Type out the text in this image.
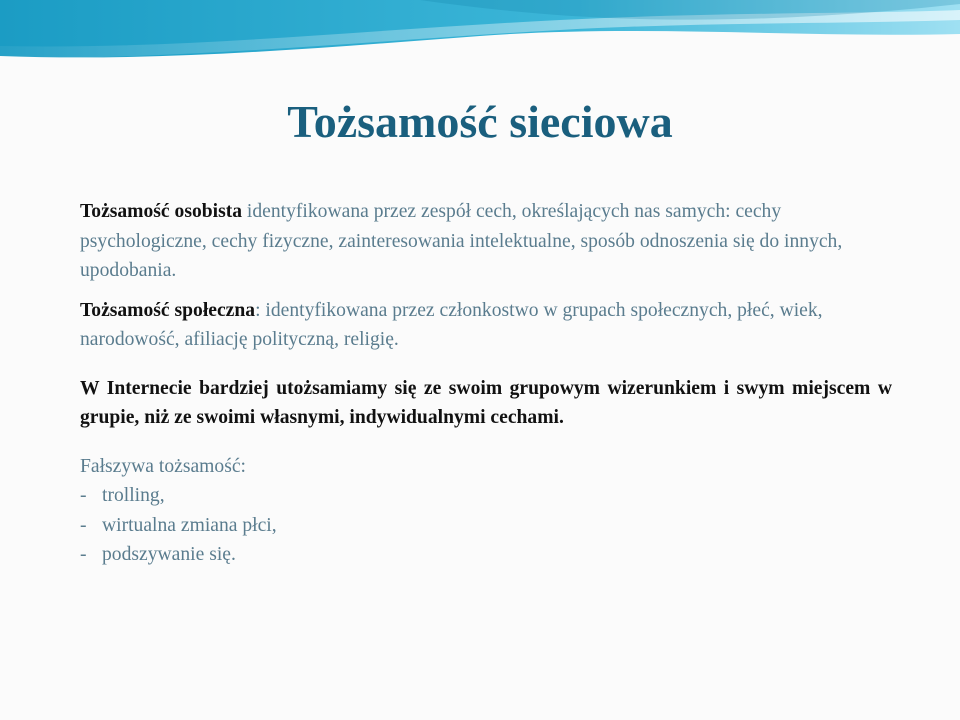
Tożsamość sieciowa

Tożsamość osobista identyfikowana przez zespół cech, określających nas samych: cechy psychologiczne, cechy fizyczne, zainteresowania intelektualne, sposób odnoszenia się do innych, upodobania.

Tożsamość społeczna: identyfikowana przez członkostwo w grupach społecznych, płeć, wiek, narodowość, afiliację polityczną, religię.

W Internecie bardziej utożsamiamy się ze swoim grupowym wizerunkiem i swym miejscem w grupie, niż ze swoimi własnymi, indywidualnymi cechami.

Fałszywa tożsamość:

- trolling,
- wirtualna zmiana płci,
- podszywanie się.
